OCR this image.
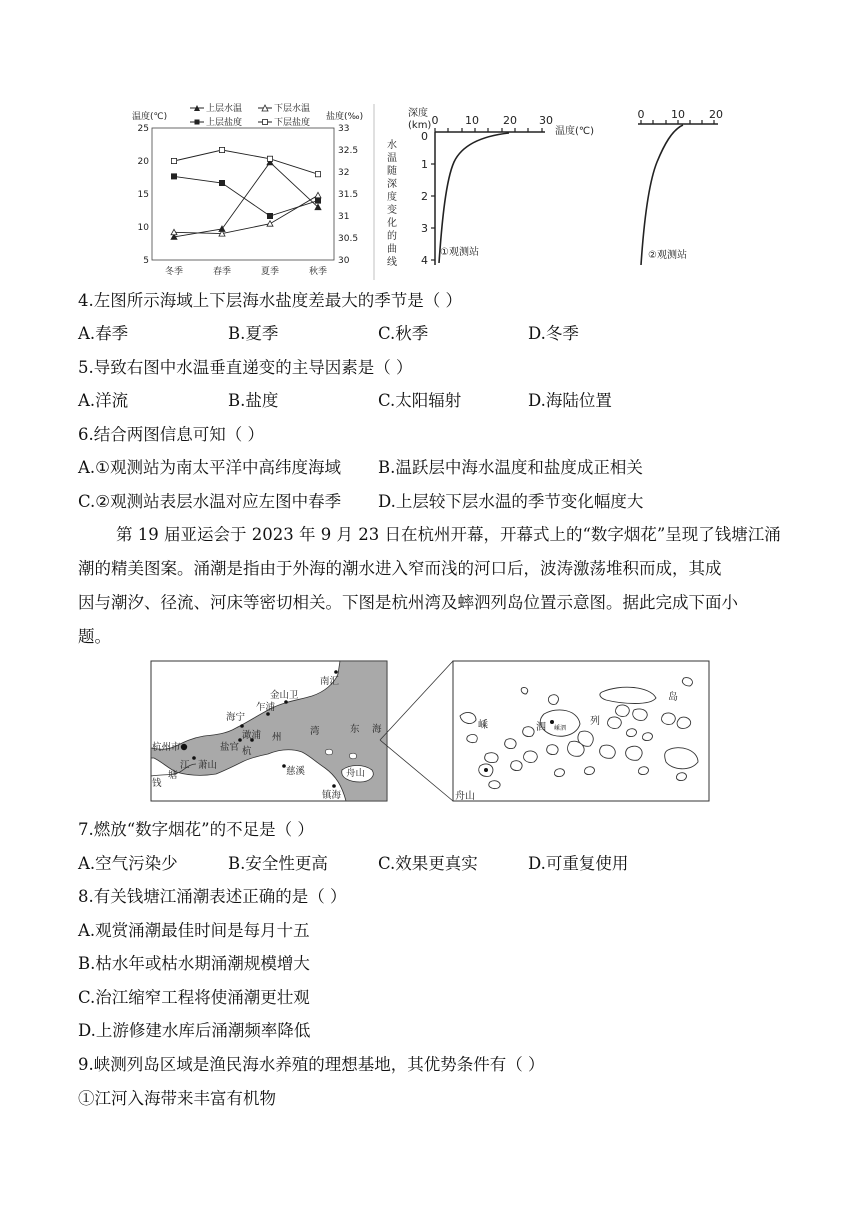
温度(℃)	盐度(‰)
上层水温	下层水温
上层盐度	下层盐度
25
20
15
10
5
33
32.5
32
31.5
31
30.5
30
冬季	春季	夏季	秋季
深度
(km)
水
温
随
深
度
变
化
的
曲
线
0 10 20 30
温度(℃)
0
1
2
3
4
①观测站
0 10 20
②观测站
4.左图所示海域上下层海水盐度差最大的季节是（ ）
A.春季	B.夏季	C.秋季	D.冬季
5.导致右图中水温垂直递变的主导因素是（ ）
A.洋流	B.盐度	C.太阳辐射	D.海陆位置
6.结合两图信息可知（ ）
A.①观测站为南太平洋中高纬度海域 B.温跃层中海水温度和盐度成正相关
C.②观测站表层水温对应左图中春季 D.上层较下层水温的季节变化幅度大
第 19 届亚运会于 2023 年 9 月 23 日在杭州开幕，开幕式上的“数字烟花”呈现了钱塘江涌
潮的精美图案。涌潮是指由于外海的潮水进入窄而浅的河口后，波涛激荡堆积而成，其成
因与潮汐、径流、河床等密切相关。下图是杭州湾及蟀泗列岛位置示意图。据此完成下面小
题。
南汇
金山卫
乍浦
海宁
澉浦
盐官
杭州市	杭
州
湾	东 海
萧山
钱
塘
江
慈溪	舟山
镇海
嵊	泗
列
岛
舟山
嵊泗
7.燃放“数字烟花”的不足是（ ）
A.空气污染少	B.安全性更高	C.效果更真实	D.可重复使用
8.有关钱塘江涌潮表述正确的是（ ）
A.观赏涌潮最佳时间是每月十五
B.枯水年或枯水期涌潮规模增大
C.治江缩窄工程将使涌潮更壮观
D.上游修建水库后涌潮频率降低
9.峡测列岛区域是渔民海水养殖的理想基地，其优势条件有（ ）
①江河入海带来丰富有机物
